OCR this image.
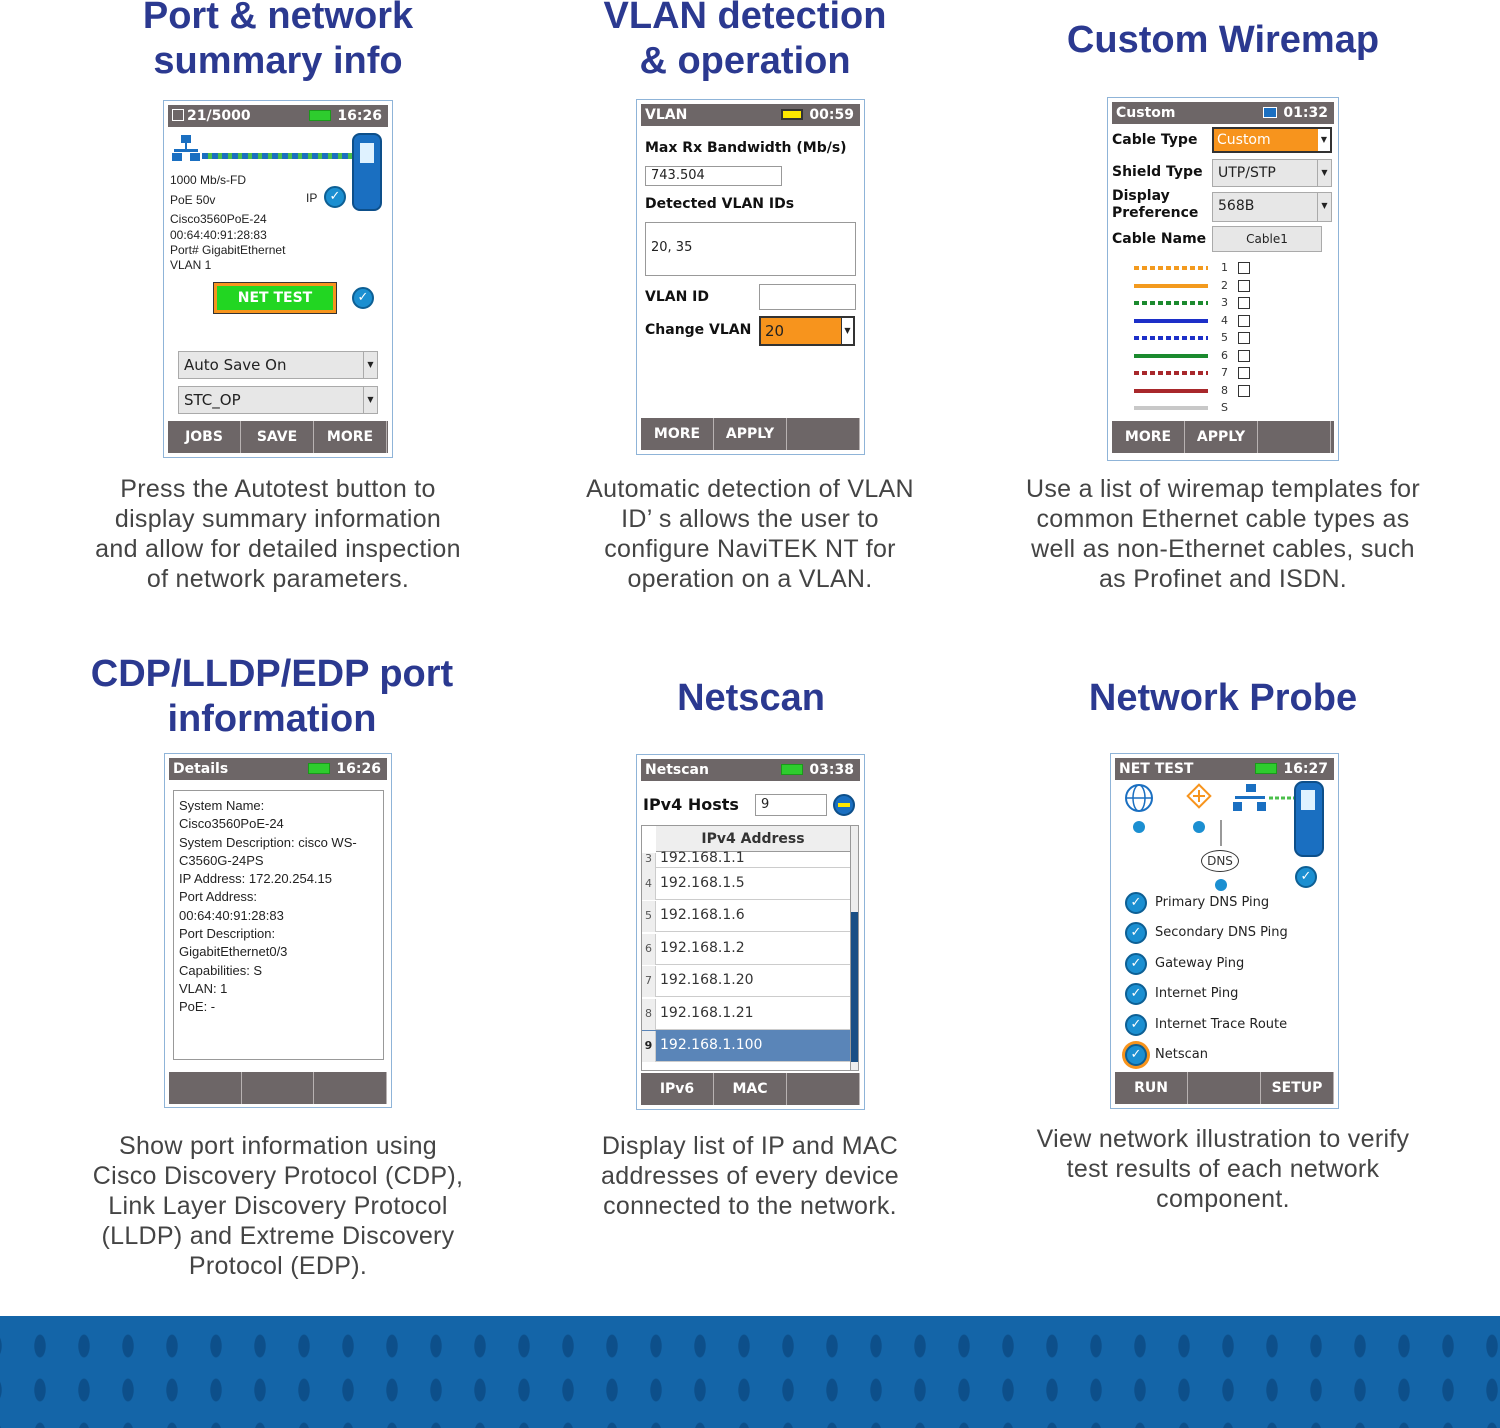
Port & network
summary info
21/5000	16:26
1000 Mb/s-FD
PoE 50v
Cisco3560PoE-24
00:64:40:91:28:83
Port# GigabitEthernet
VLAN 1
IP ✓
NET TEST	✓
Auto Save On	▼
STC_OP	▼
JOBS	SAVE	MORE
Press the Autotest button to
display summary information
and allow for detailed inspection
of network parameters.
VLAN detection
& operation
VLAN	00:59
Max Rx Bandwidth (Mb/s)
743.504
Detected VLAN IDs
20, 35
VLAN ID
Change VLAN 20	▼
MORE	APPLY
Automatic detection of VLAN
ID’ s allows the user to
configure NaviTEK NT for
operation on a VLAN.
Custom Wiremap
Custom	01:32
Cable Type	Custom	▼
Shield Type	UTP/STP	▼
Display
Preference	568B	▼
Cable Name	Cable1
1
2
3
4
5
6
7
8
S
MORE	APPLY
Use a list of wiremap templates for
common Ethernet cable types as
well as non-Ethernet cables, such
as Profinet and ISDN.
CDP/LLDP/EDP port
information
Details	16:26
System Name:
Cisco3560PoE-24
System Description: cisco WS-
C3560G-24PS
IP Address: 172.20.254.15
Port Address:
00:64:40:91:28:83
Port Description:
GigabitEthernet0/3
Capabilities: S
VLAN: 1
PoE: -
Show port information using
Cisco Discovery Protocol (CDP),
Link Layer Discovery Protocol
(LLDP) and Extreme Discovery
Protocol (EDP).
Netscan
Netscan	03:38
IPv4 Hosts	9
IPv4 Address
3 192.168.1.1
4 192.168.1.5
5 192.168.1.6
6 192.168.1.2
7 192.168.1.20
8 192.168.1.21
9 192.168.1.100
IPv6	MAC
Display list of IP and MAC
addresses of every device
connected to the network.
Network Probe
NET TEST	16:27
DNS
✓
✓	Primary DNS Ping
✓	Secondary DNS Ping
✓	Gateway Ping
✓	Internet Ping
✓	Internet Trace Route
✓	Netscan
RUN	SETUP
View network illustration to verify
test results of each network
component.
